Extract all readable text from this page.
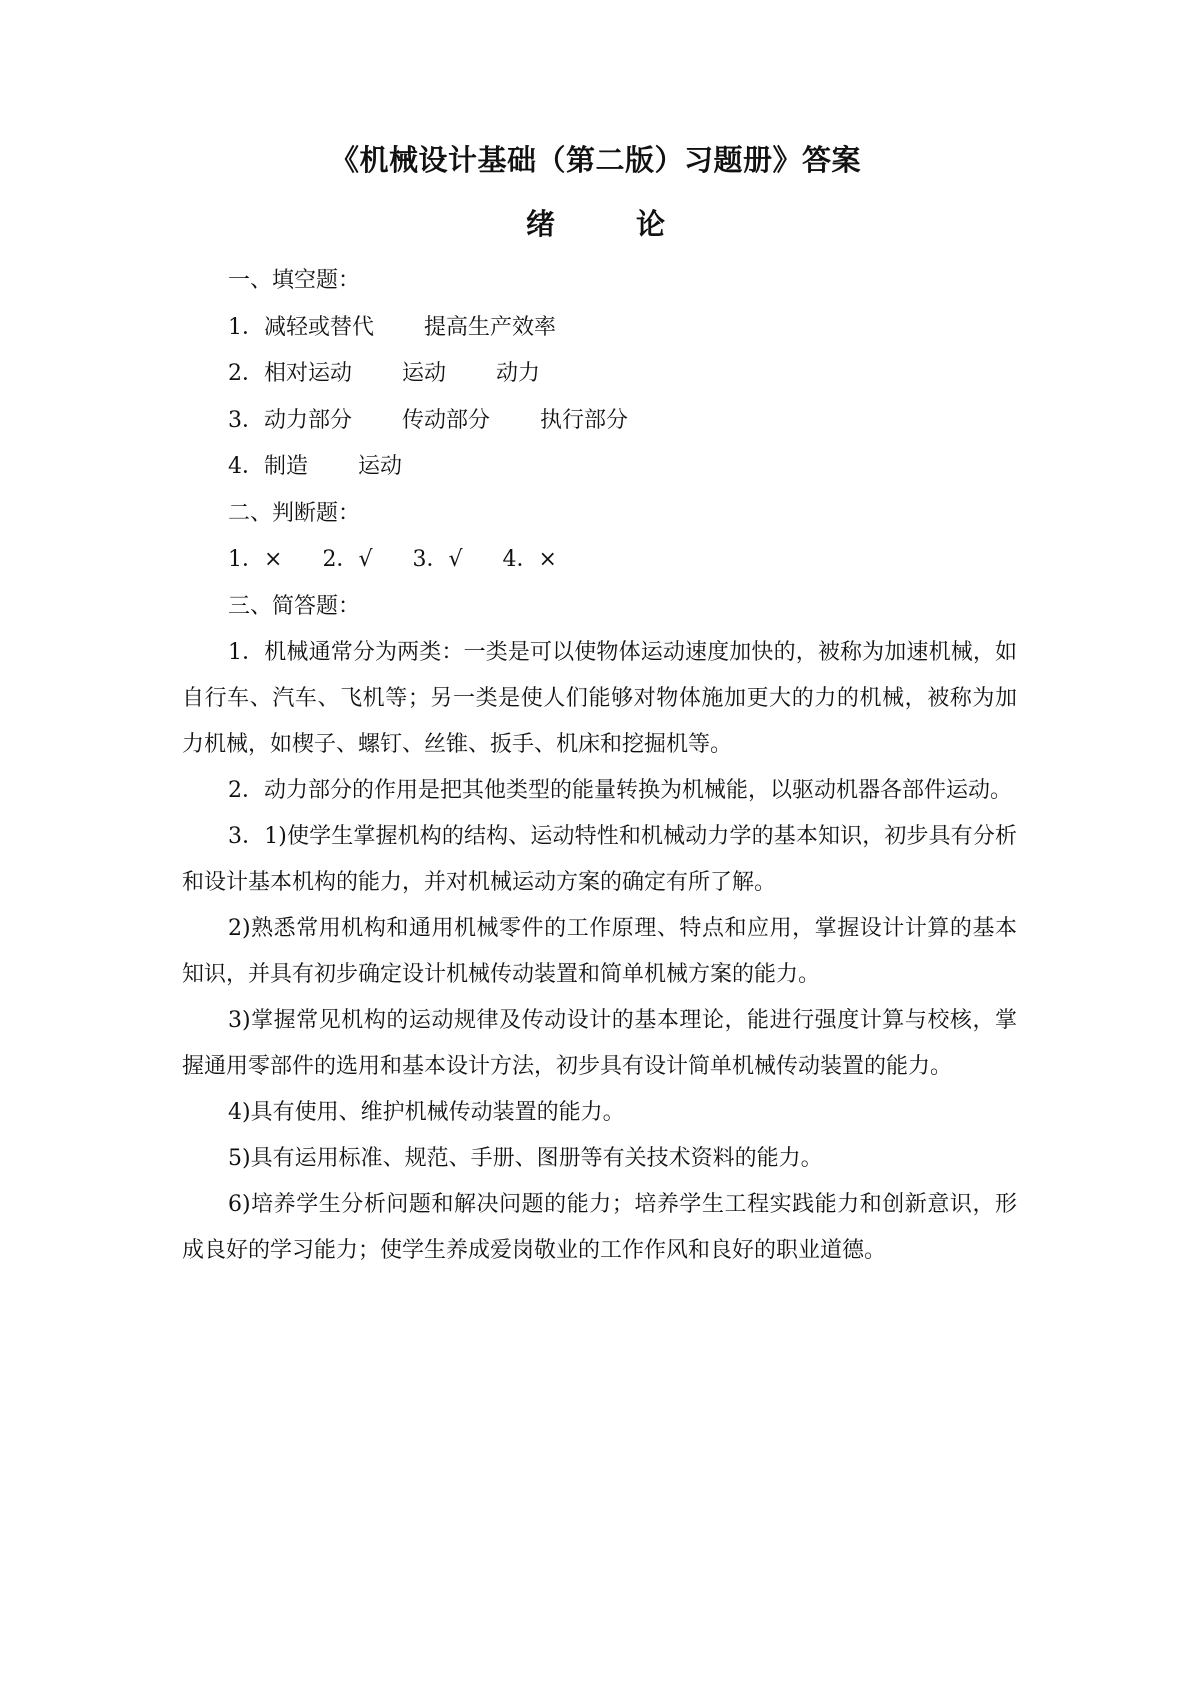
《机械设计基础（第二版）习题册》答案
绪　论
一、填空题：
1．减轻或替代 提高生产效率
2．相对运动 运动 动力
3．动力部分 传动部分 执行部分
4．制造 运动
二、判断题：
1．× 2．√ 3．√ 4．×
三、简答题：
1．机械通常分为两类：一类是可以使物体运动速度加快的，被称为加速机械，如自行车、汽车、飞机等；另一类是使人们能够对物体施加更大的力的机械，被称为加力机械，如楔子、螺钉、丝锥、扳手、机床和挖掘机等。
2．动力部分的作用是把其他类型的能量转换为机械能，以驱动机器各部件运动。
3．1)使学生掌握机构的结构、运动特性和机械动力学的基本知识，初步具有分析和设计基本机构的能力，并对机械运动方案的确定有所了解。
2)熟悉常用机构和通用机械零件的工作原理、特点和应用，掌握设计计算的基本知识，并具有初步确定设计机械传动装置和简单机械方案的能力。
3)掌握常见机构的运动规律及传动设计的基本理论，能进行强度计算与校核，掌握通用零部件的选用和基本设计方法，初步具有设计简单机械传动装置的能力。
4)具有使用、维护机械传动装置的能力。
5)具有运用标准、规范、手册、图册等有关技术资料的能力。
6)培养学生分析问题和解决问题的能力；培养学生工程实践能力和创新意识，形成良好的学习能力；使学生养成爱岗敬业的工作作风和良好的职业道德。
